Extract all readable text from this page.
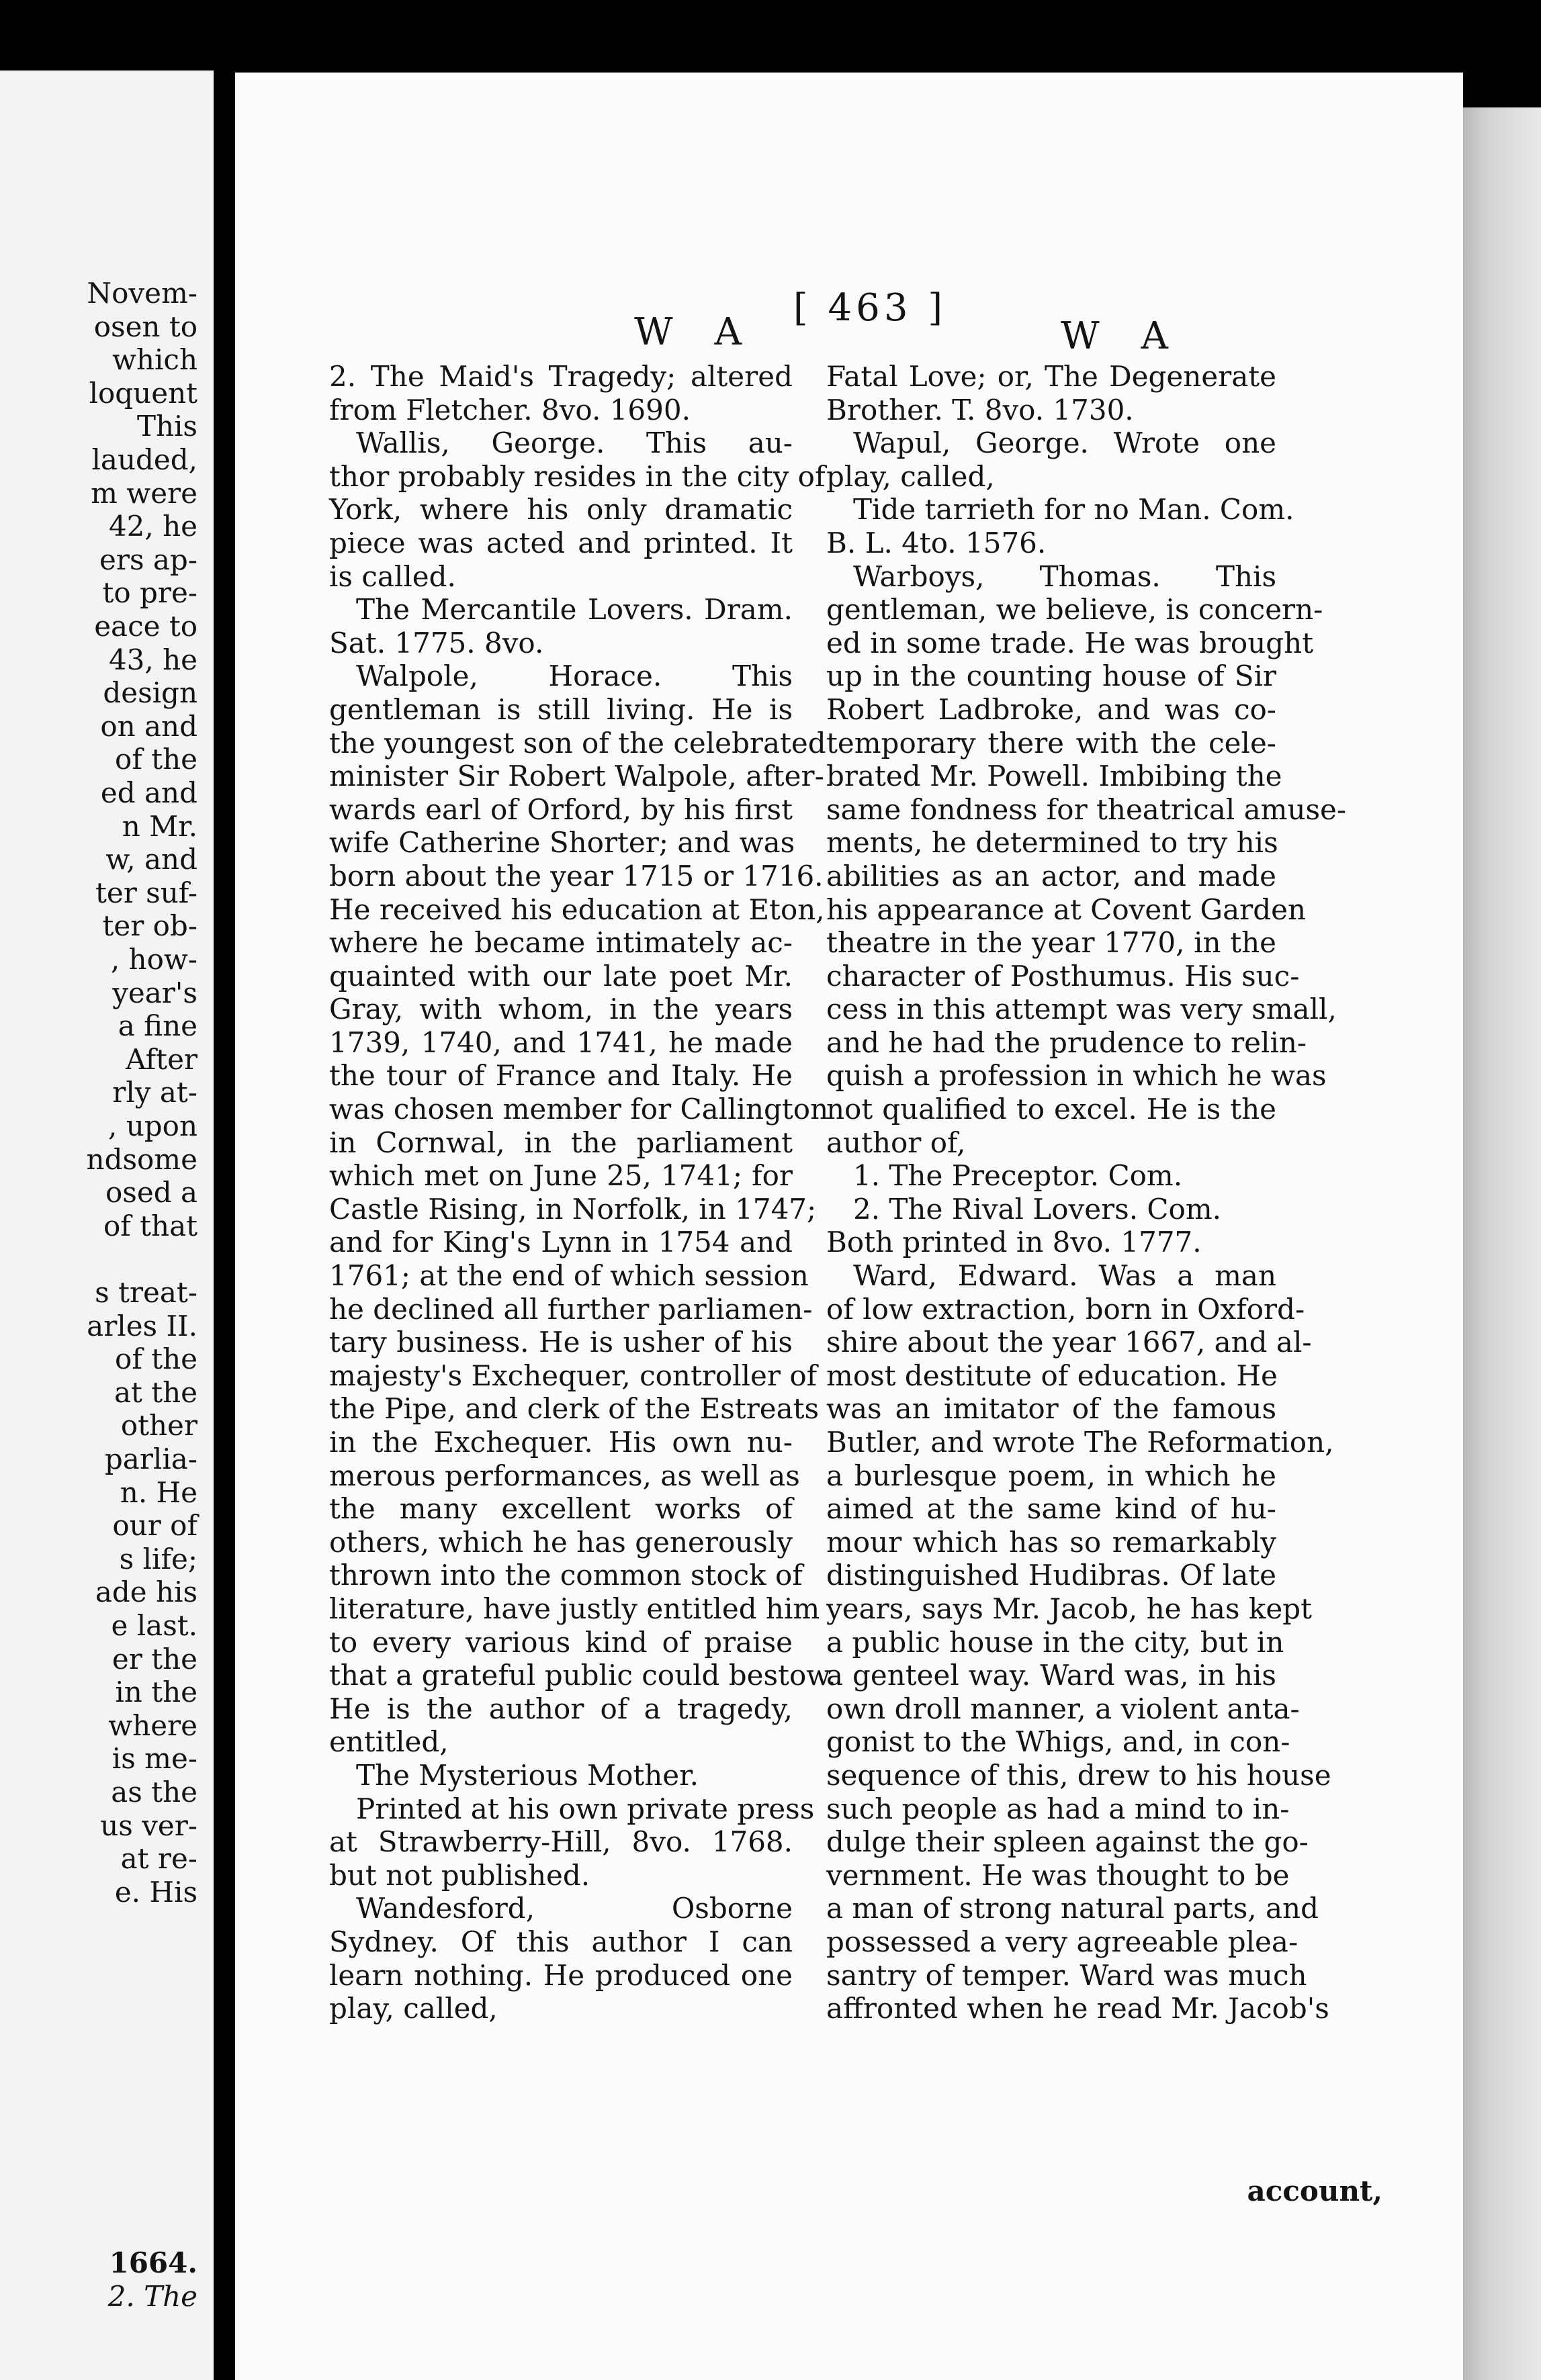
Novem-
osen to
which
loquent
This
lauded,
m were
42, he
ers ap-
to pre-
eace to
43, he
design
on and
of the
ed and
n Mr.
w, and
ter suf-
ter ob-
, how-
year's
a fine
After
rly at-
, upon
ndsome
osed a
of that
s treat-
arles II.
of the
at the
other
parlia-
n. He
our of
s life;
ade his
e last.
er the
in the
where
is me-
as the
us ver-
at re-
e. His
1664.
2. The
W A
[ 463 ]
W A
2. The Maid's Tragedy; altered
from Fletcher. 8vo. 1690.
Wallis, George. This au-
thor probably resides in the city of
York, where his only dramatic
piece was acted and printed. It
is called.
The Mercantile Lovers. Dram.
Sat. 1775. 8vo.
Walpole, Horace. This
gentleman is still living. He is
the youngest son of the celebrated
minister Sir Robert Walpole, after-
wards earl of Orford, by his first
wife Catherine Shorter; and was
born about the year 1715 or 1716.
He received his education at Eton,
where he became intimately ac-
quainted with our late poet Mr.
Gray, with whom, in the years
1739, 1740, and 1741, he made
the tour of France and Italy. He
was chosen member for Callington
in Cornwal, in the parliament
which met on June 25, 1741; for
Castle Rising, in Norfolk, in 1747;
and for King's Lynn in 1754 and
1761; at the end of which session
he declined all further parliamen-
tary business. He is usher of his
majesty's Exchequer, controller of
the Pipe, and clerk of the Estreats
in the Exchequer. His own nu-
merous performances, as well as
the many excellent works of
others, which he has generously
thrown into the common stock of
literature, have justly entitled him
to every various kind of praise
that a grateful public could bestow.
He is the author of a tragedy,
entitled,
The Mysterious Mother.
Printed at his own private press
at Strawberry-Hill, 8vo. 1768.
but not published.
Wandesford, Osborne
Sydney. Of this author I can
learn nothing. He produced one
play, called,
Fatal Love; or, The Degenerate
Brother. T. 8vo. 1730.
Wapul, George. Wrote one
play, called,
Tide tarrieth for no Man. Com.
B. L. 4to. 1576.
Warboys, Thomas. This
gentleman, we believe, is concern-
ed in some trade. He was brought
up in the counting house of Sir
Robert Ladbroke, and was co-
temporary there with the cele-
brated Mr. Powell. Imbibing the
same fondness for theatrical amuse-
ments, he determined to try his
abilities as an actor, and made
his appearance at Covent Garden
theatre in the year 1770, in the
character of Posthumus. His suc-
cess in this attempt was very small,
and he had the prudence to relin-
quish a profession in which he was
not qualified to excel. He is the
author of,
1. The Preceptor. Com.
2. The Rival Lovers. Com.
Both printed in 8vo. 1777.
Ward, Edward. Was a man
of low extraction, born in Oxford-
shire about the year 1667, and al-
most destitute of education. He
was an imitator of the famous
Butler, and wrote The Reformation,
a burlesque poem, in which he
aimed at the same kind of hu-
mour which has so remarkably
distinguished Hudibras. Of late
years, says Mr. Jacob, he has kept
a public house in the city, but in
a genteel way. Ward was, in his
own droll manner, a violent anta-
gonist to the Whigs, and, in con-
sequence of this, drew to his house
such people as had a mind to in-
dulge their spleen against the go-
vernment. He was thought to be
a man of strong natural parts, and
possessed a very agreeable plea-
santry of temper. Ward was much
affronted when he read Mr. Jacob's
account,
